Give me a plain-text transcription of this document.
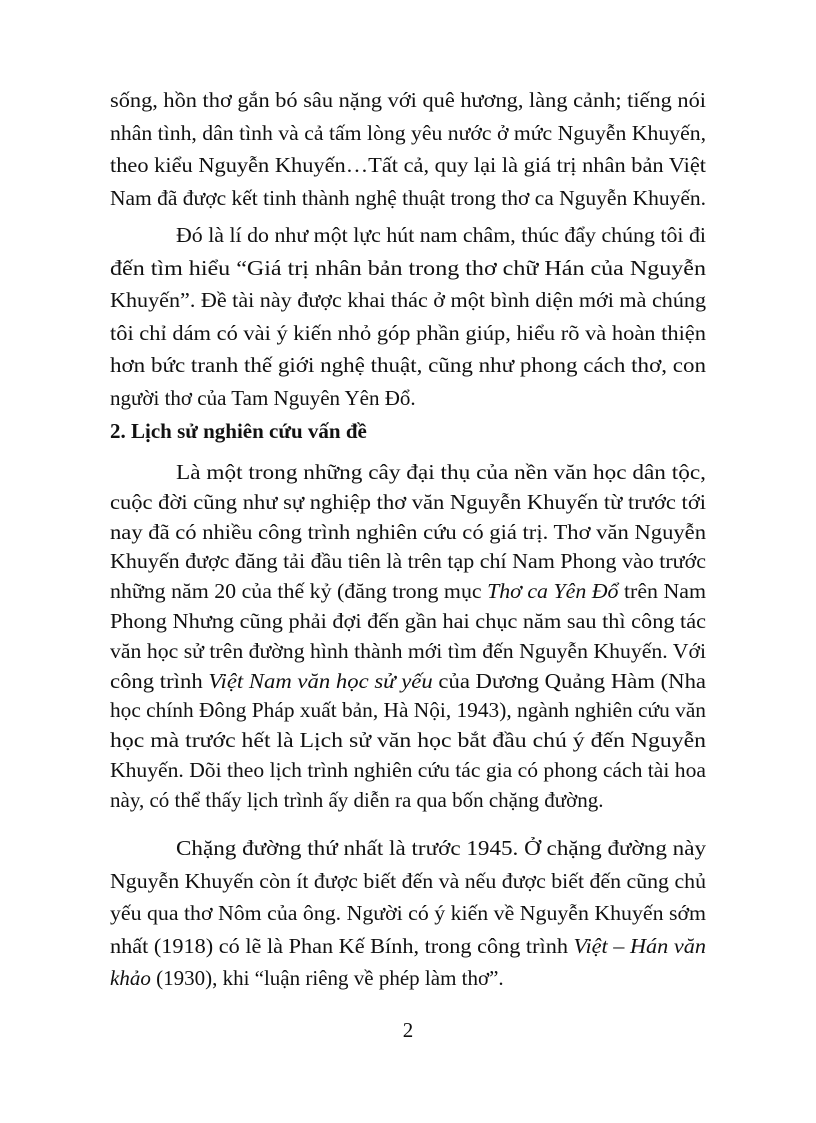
sống, hồn thơ gắn bó sâu nặng với quê hương, làng cảnh; tiếng nói
nhân tình, dân tình và cả tấm lòng yêu nước ở mức Nguyễn Khuyến,
theo kiểu Nguyễn Khuyến…Tất cả, quy lại là giá trị nhân bản Việt
Nam đã được kết tinh thành nghệ thuật trong thơ ca Nguyễn Khuyến.
Đó là lí do như một lực hút nam châm, thúc đẩy chúng tôi đi
đến tìm hiểu “Giá trị nhân bản trong thơ chữ Hán của Nguyễn
Khuyến”. Đề tài này được khai thác ở một bình diện mới mà chúng
tôi chỉ dám có vài ý kiến nhỏ góp phần giúp, hiểu rõ và hoàn thiện
hơn bức tranh thế giới nghệ thuật, cũng như phong cách thơ, con
người thơ của Tam Nguyên Yên Đổ.
2. Lịch sử nghiên cứu vấn đề
Là một trong những cây đại thụ của nền văn học dân tộc,
cuộc đời cũng như sự nghiệp thơ văn Nguyễn Khuyến từ trước tới
nay đã có nhiều công trình nghiên cứu có giá trị. Thơ văn Nguyễn
Khuyến được đăng tải đầu tiên là trên tạp chí Nam Phong vào trước
những năm 20 của thế kỷ (đăng trong mục Thơ ca Yên Đổ trên Nam
Phong Nhưng cũng phải đợi đến gần hai chục năm sau thì công tác
văn học sử trên đường hình thành mới tìm đến Nguyễn Khuyến. Với
công trình Việt Nam văn học sử yếu của Dương Quảng Hàm (Nha
học chính Đông Pháp xuất bản, Hà Nội, 1943), ngành nghiên cứu văn
học mà trước hết là Lịch sử văn học bắt đầu chú ý đến Nguyễn
Khuyến. Dõi theo lịch trình nghiên cứu tác gia có phong cách tài hoa
này, có thể thấy lịch trình ấy diễn ra qua bốn chặng đường.
Chặng đường thứ nhất là trước 1945. Ở chặng đường này
Nguyễn Khuyến còn ít được biết đến và nếu được biết đến cũng chủ
yếu qua thơ Nôm của ông. Người có ý kiến về Nguyễn Khuyến sớm
nhất (1918) có lẽ là Phan Kế Bính, trong công trình Việt – Hán văn
khảo (1930), khi “luận riêng về phép làm thơ”.
2
